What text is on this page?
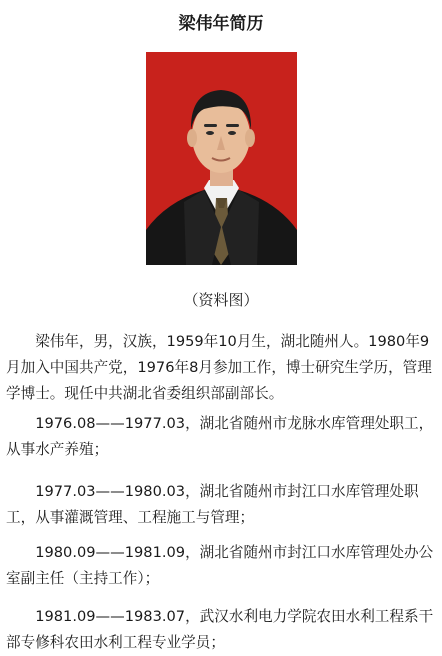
梁伟年简历
（资料图）

梁伟年，男，汉族，1959年10月生，湖北随州人。1980年9月加入中国共产党，1976年8月参加工作，博士研究生学历，管理学博士。现任中共湖北省委组织部副部长。

1976.08——1977.03，湖北省随州市龙脉水库管理处职工，从事水产养殖；

1977.03——1980.03，湖北省随州市封江口水库管理处职工，从事灌溉管理、工程施工与管理；

1980.09——1981.09，湖北省随州市封江口水库管理处办公室副主任（主持工作）；

1981.09——1983.07，武汉水利电力学院农田水利工程系干部专修科农田水利工程专业学员；
